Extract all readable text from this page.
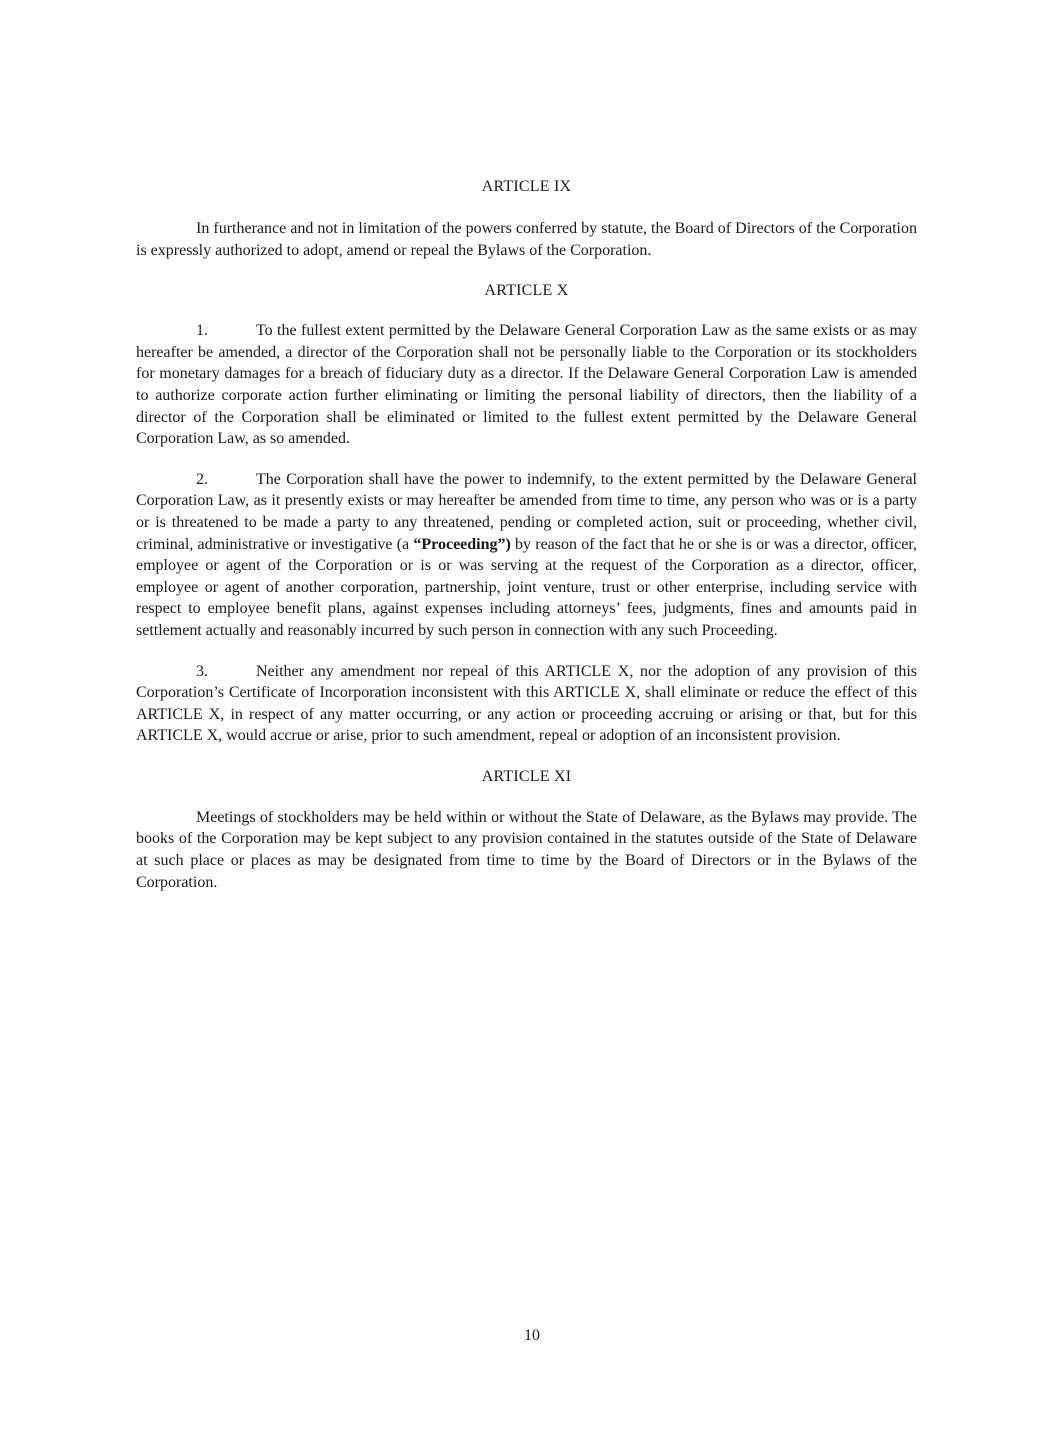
ARTICLE IX

In furtherance and not in limitation of the powers conferred by statute, the Board of Directors of the Corporation is expressly authorized to adopt, amend or repeal the Bylaws of the Corporation.

ARTICLE X

1.	To the fullest extent permitted by the Delaware General Corporation Law as the same exists or as may hereafter be amended, a director of the Corporation shall not be personally liable to the Corporation or its stockholders for monetary damages for a breach of fiduciary duty as a director. If the Delaware General Corporation Law is amended to authorize corporate action further eliminating or limiting the personal liability of directors, then the liability of a director of the Corporation shall be eliminated or limited to the fullest extent permitted by the Delaware General Corporation Law, as so amended.

2.	The Corporation shall have the power to indemnify, to the extent permitted by the Delaware General Corporation Law, as it presently exists or may hereafter be amended from time to time, any person who was or is a party or is threatened to be made a party to any threatened, pending or completed action, suit or proceeding, whether civil, criminal, administrative or investigative (a “Proceeding”) by reason of the fact that he or she is or was a director, officer, employee or agent of the Corporation or is or was serving at the request of the Corporation as a director, officer, employee or agent of another corporation, partnership, joint venture, trust or other enterprise, including service with respect to employee benefit plans, against expenses including attorneys’ fees, judgments, fines and amounts paid in settlement actually and reasonably incurred by such person in connection with any such Proceeding.

3.	Neither any amendment nor repeal of this ARTICLE X, nor the adoption of any provision of this Corporation’s Certificate of Incorporation inconsistent with this ARTICLE X, shall eliminate or reduce the effect of this ARTICLE X, in respect of any matter occurring, or any action or proceeding accruing or arising or that, but for this ARTICLE X, would accrue or arise, prior to such amendment, repeal or adoption of an inconsistent provision.

ARTICLE XI

Meetings of stockholders may be held within or without the State of Delaware, as the Bylaws may provide. The books of the Corporation may be kept subject to any provision contained in the statutes outside of the State of Delaware at such place or places as may be designated from time to time by the Board of Directors or in the Bylaws of the Corporation.

10
